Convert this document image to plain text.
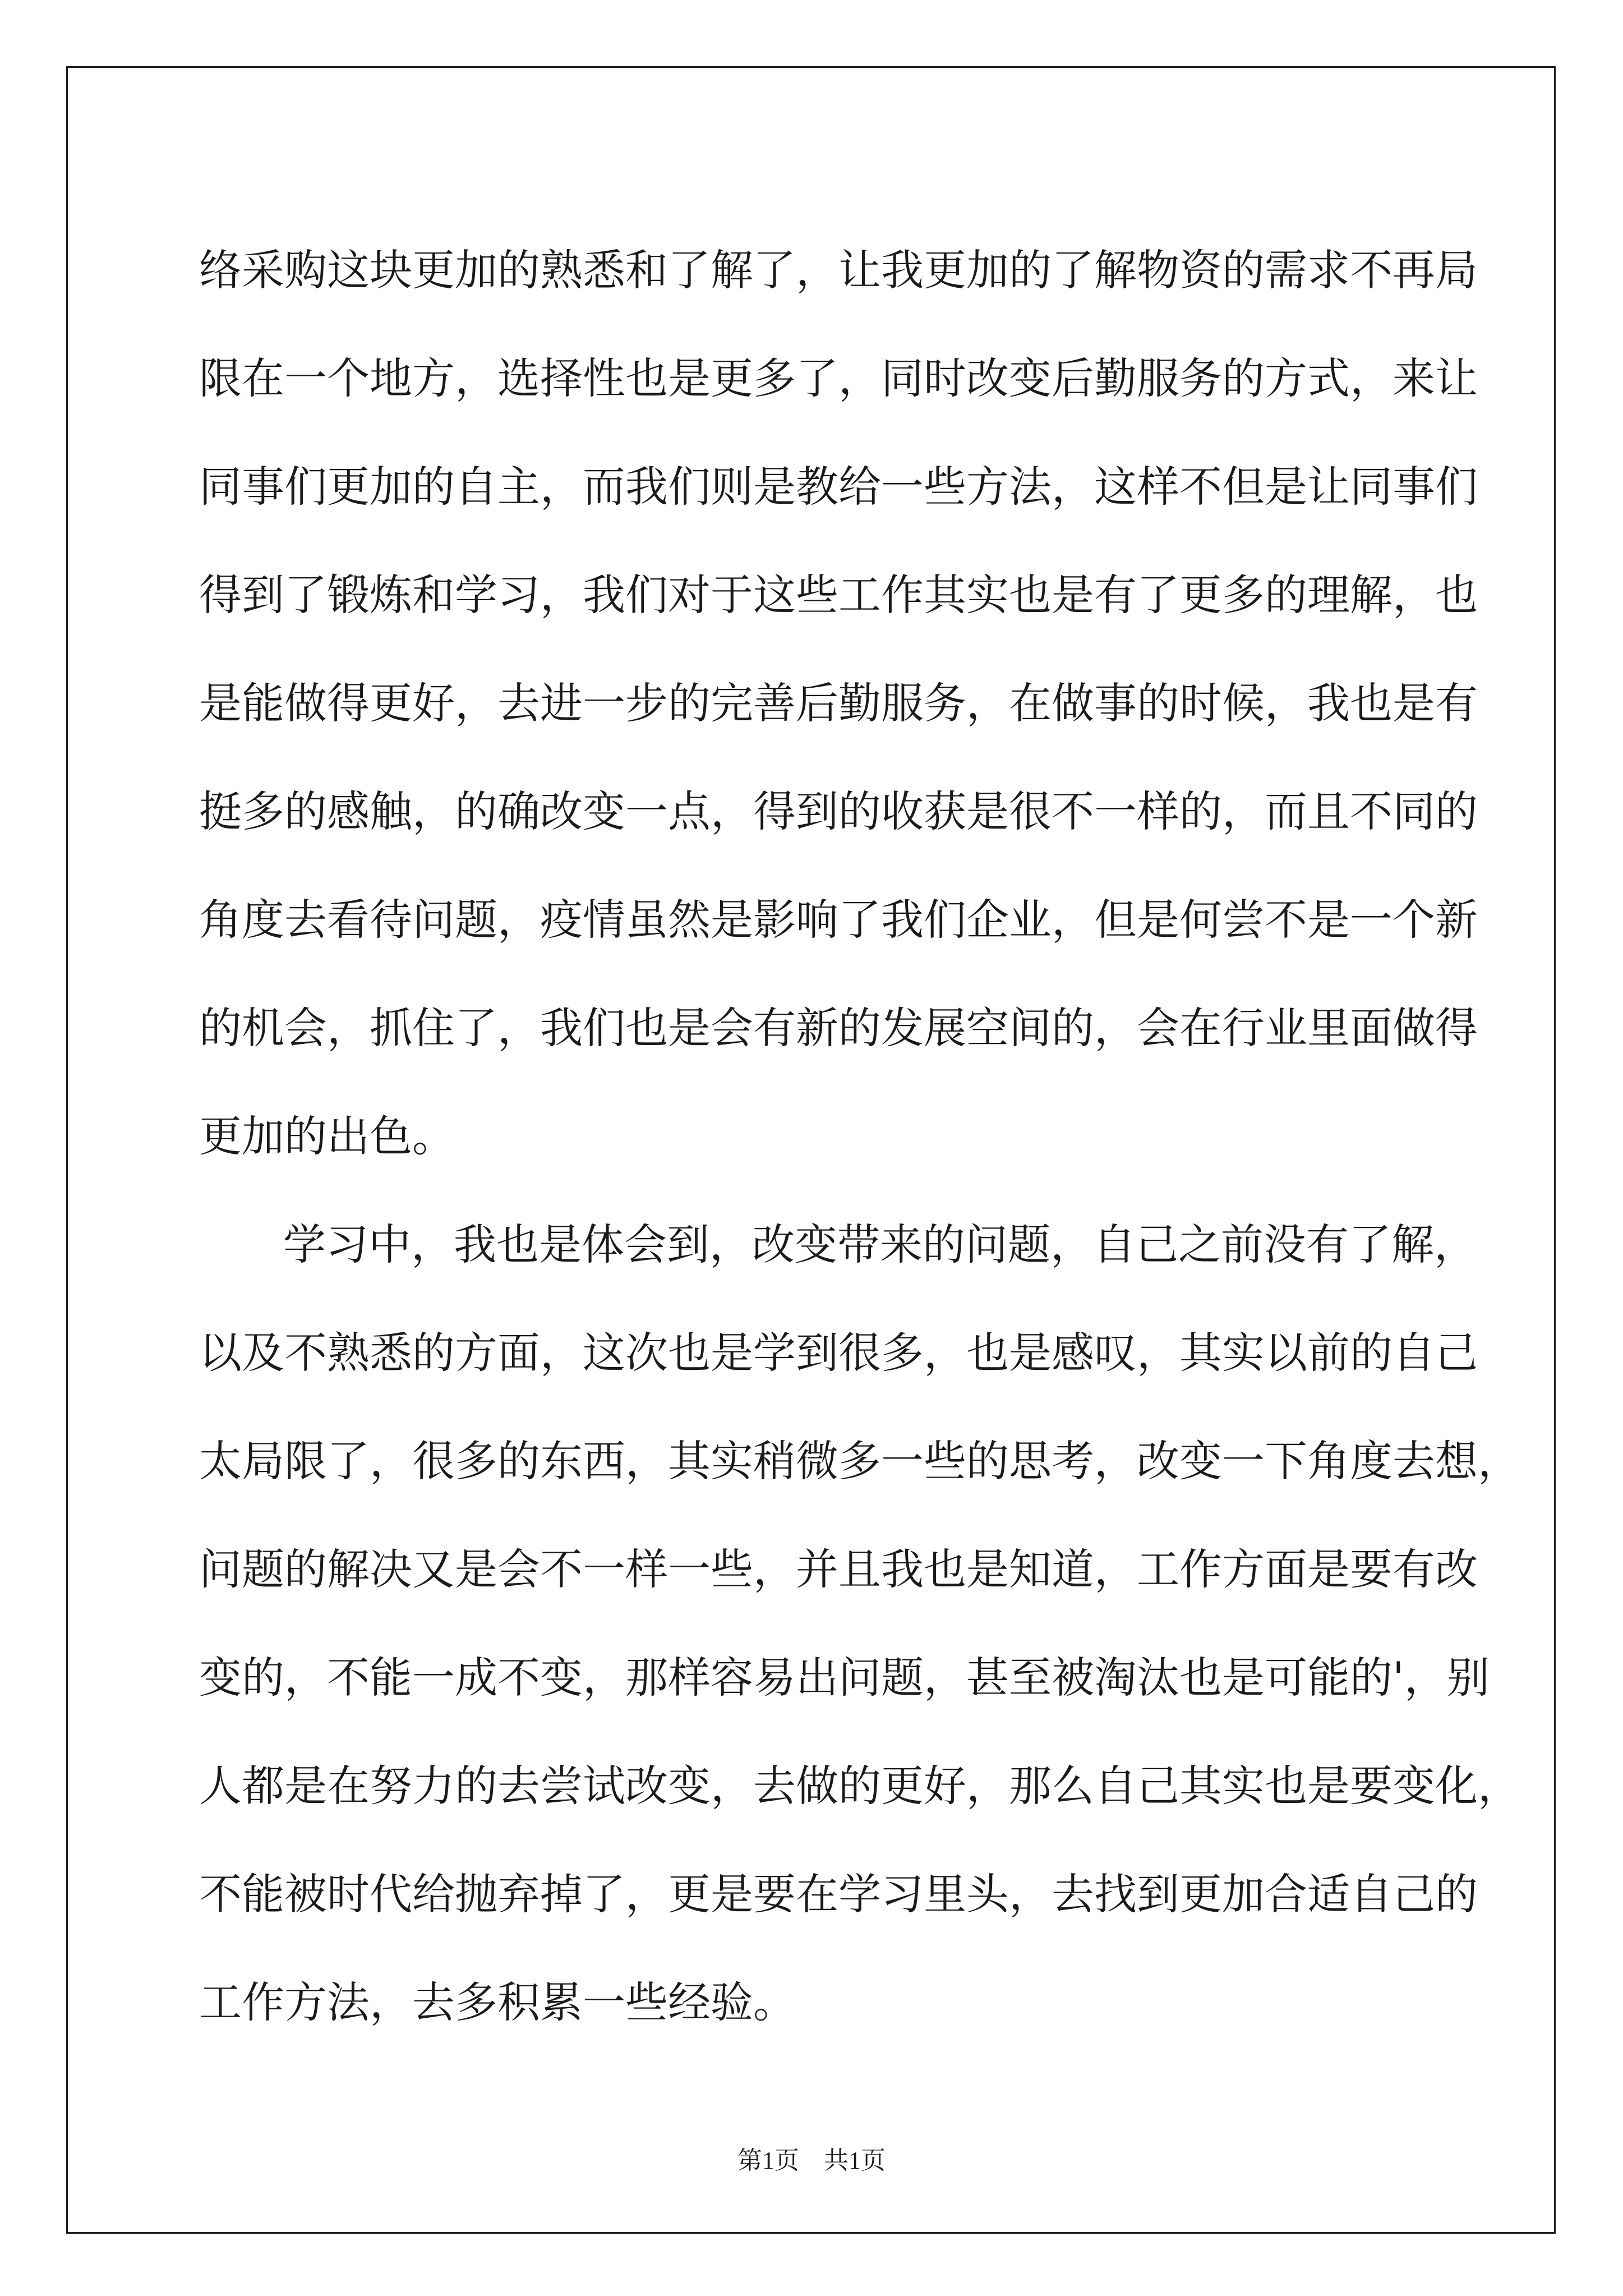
络采购这块更加的熟悉和了解了，让我更加的了解物资的需求不再局
限在一个地方，选择性也是更多了，同时改变后勤服务的方式，来让
同事们更加的自主，而我们则是教给一些方法，这样不但是让同事们
得到了锻炼和学习，我们对于这些工作其实也是有了更多的理解，也
是能做得更好，去进一步的完善后勤服务，在做事的时候，我也是有
挺多的感触，的确改变一点，得到的收获是很不一样的，而且不同的
角度去看待问题，疫情虽然是影响了我们企业，但是何尝不是一个新
的机会，抓住了，我们也是会有新的发展空间的，会在行业里面做得
更加的出色。
学习中，我也是体会到，改变带来的问题，自己之前没有了解，
以及不熟悉的方面，这次也是学到很多，也是感叹，其实以前的自己
太局限了，很多的东西，其实稍微多一些的思考，改变一下角度去想，
问题的解决又是会不一样一些，并且我也是知道，工作方面是要有改
变的，不能一成不变，那样容易出问题，甚至被淘汰也是可能的'，别
人都是在努力的去尝试改变，去做的更好，那么自己其实也是要变化，
不能被时代给抛弃掉了，更是要在学习里头，去找到更加合适自己的
工作方法，去多积累一些经验。
第1页　共1页
